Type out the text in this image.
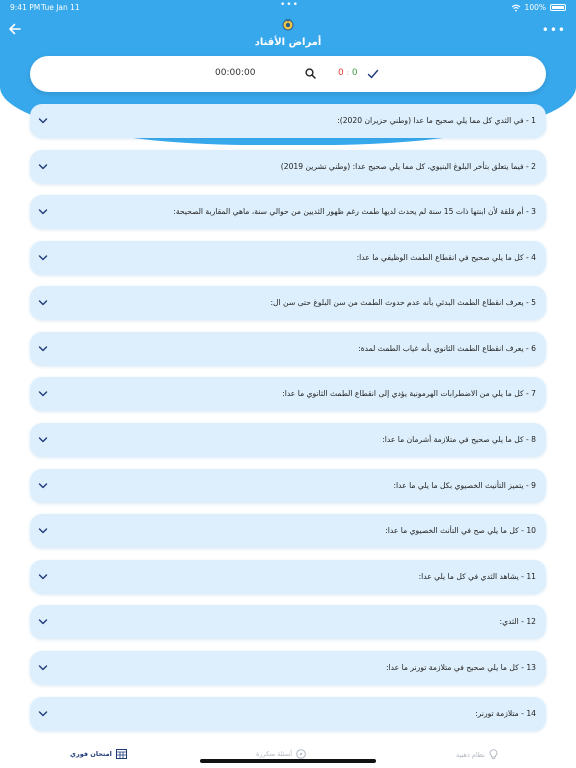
9:41 PM Tue Jan 11	•••	100%
•••
أمراض الأقناد
00:00:00	0 : 0
1 - في الثدي كل مما يلي صحيح ما عدا (وطني حزيران 2020):
2 - فيما يتعلق بتأخر البلوغ البنيوي، كل مما يلي صحيح عدا: (وطني تشرين 2019)
3 - أم قلقة لأن ابنتها ذات 15 سنة لم يحدث لديها طمث رغم ظهور الثديين من حوالي سنة، ماهي المقاربة الصحيحة:
4 - كل ما يلي صحيح في انقطاع الطمث الوظيفي ما عدا:
5 - يعرف انقطاع الطمث البدئي بأنه عدم حدوث الطمث من سن البلوغ حتى سن ال:
6 - يعرف انقطاع الطمث الثانوي بأنه غياب الطمث لمدة:
7 - كل ما يلي من الاضطرابات الهرمونية يؤدي إلى انقطاع الطمث الثانوي ما عدا:
8 - كل ما يلي صحيح في متلازمة أشرمان ما عدا:
9 - يتميز التأنيث الخصيوي بكل ما يلي ما عدا:
10 - كل ما يلي صح في التأنث الخصيوي ما عدا:
11 - يشاهد الثدي في كل ما يلي عدا:
12 - الثدي:
13 - كل ما يلي صحيح في متلازمة تورنر ما عدا:
14 - متلازمة تورنر:
امتحان فوري	أسئلة متكررة	نظام ذهبية
